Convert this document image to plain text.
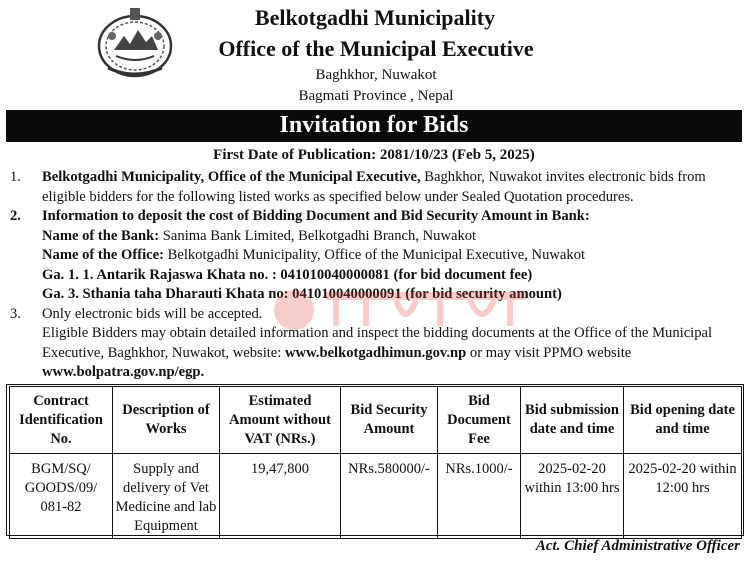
Belkotgadhi Municipality
Office of the Municipal Executive
Baghkhor, Nuwakot
Bagmati Province , Nepal
Invitation for Bids
First Date of Publication: 2081/10/23 (Feb 5, 2025)
1.	Belkotgadhi Municipality, Office of the Municipal Executive, Baghkhor, Nuwakot invites electronic bids from eligible bidders for the following listed works as specified below under Sealed Quotation procedures.
2.	Information to deposit the cost of Bidding Document and Bid Security Amount in Bank:
Name of the Bank: Sanima Bank Limited, Belkotgadhi Branch, Nuwakot
Name of the Office: Belkotgadhi Municipality, Office of the Municipal Executive, Nuwakot
Ga. 1. 1. Antarik Rajaswa Khata no. : 041010040000081 (for bid document fee)
Ga. 3. Sthania taha Dharauti Khata no: 041010040000091 (for bid security amount)
3.	Only electronic bids will be accepted.
Eligible Bidders may obtain detailed information and inspect the bidding documents at the Office of the Municipal Executive, Baghkhor, Nuwakot, website: www.belkotgadhimun.gov.np or may visit PPMO website www.bolpatra.gov.np/egp.
Contract Identification No.	Description of Works	Estimated Amount without VAT (NRs.)	Bid Security Amount	Bid Document Fee	Bid submission date and time	Bid opening date and time
BGM/SQ/ GOODS/09/ 081-82	Supply and delivery of Vet Medicine and lab Equipment	19,47,800	NRs.580000/-	NRs.1000/-	2025-02-20 within 13:00 hrs	2025-02-20 within 12:00 hrs
Act. Chief Administrative Officer
